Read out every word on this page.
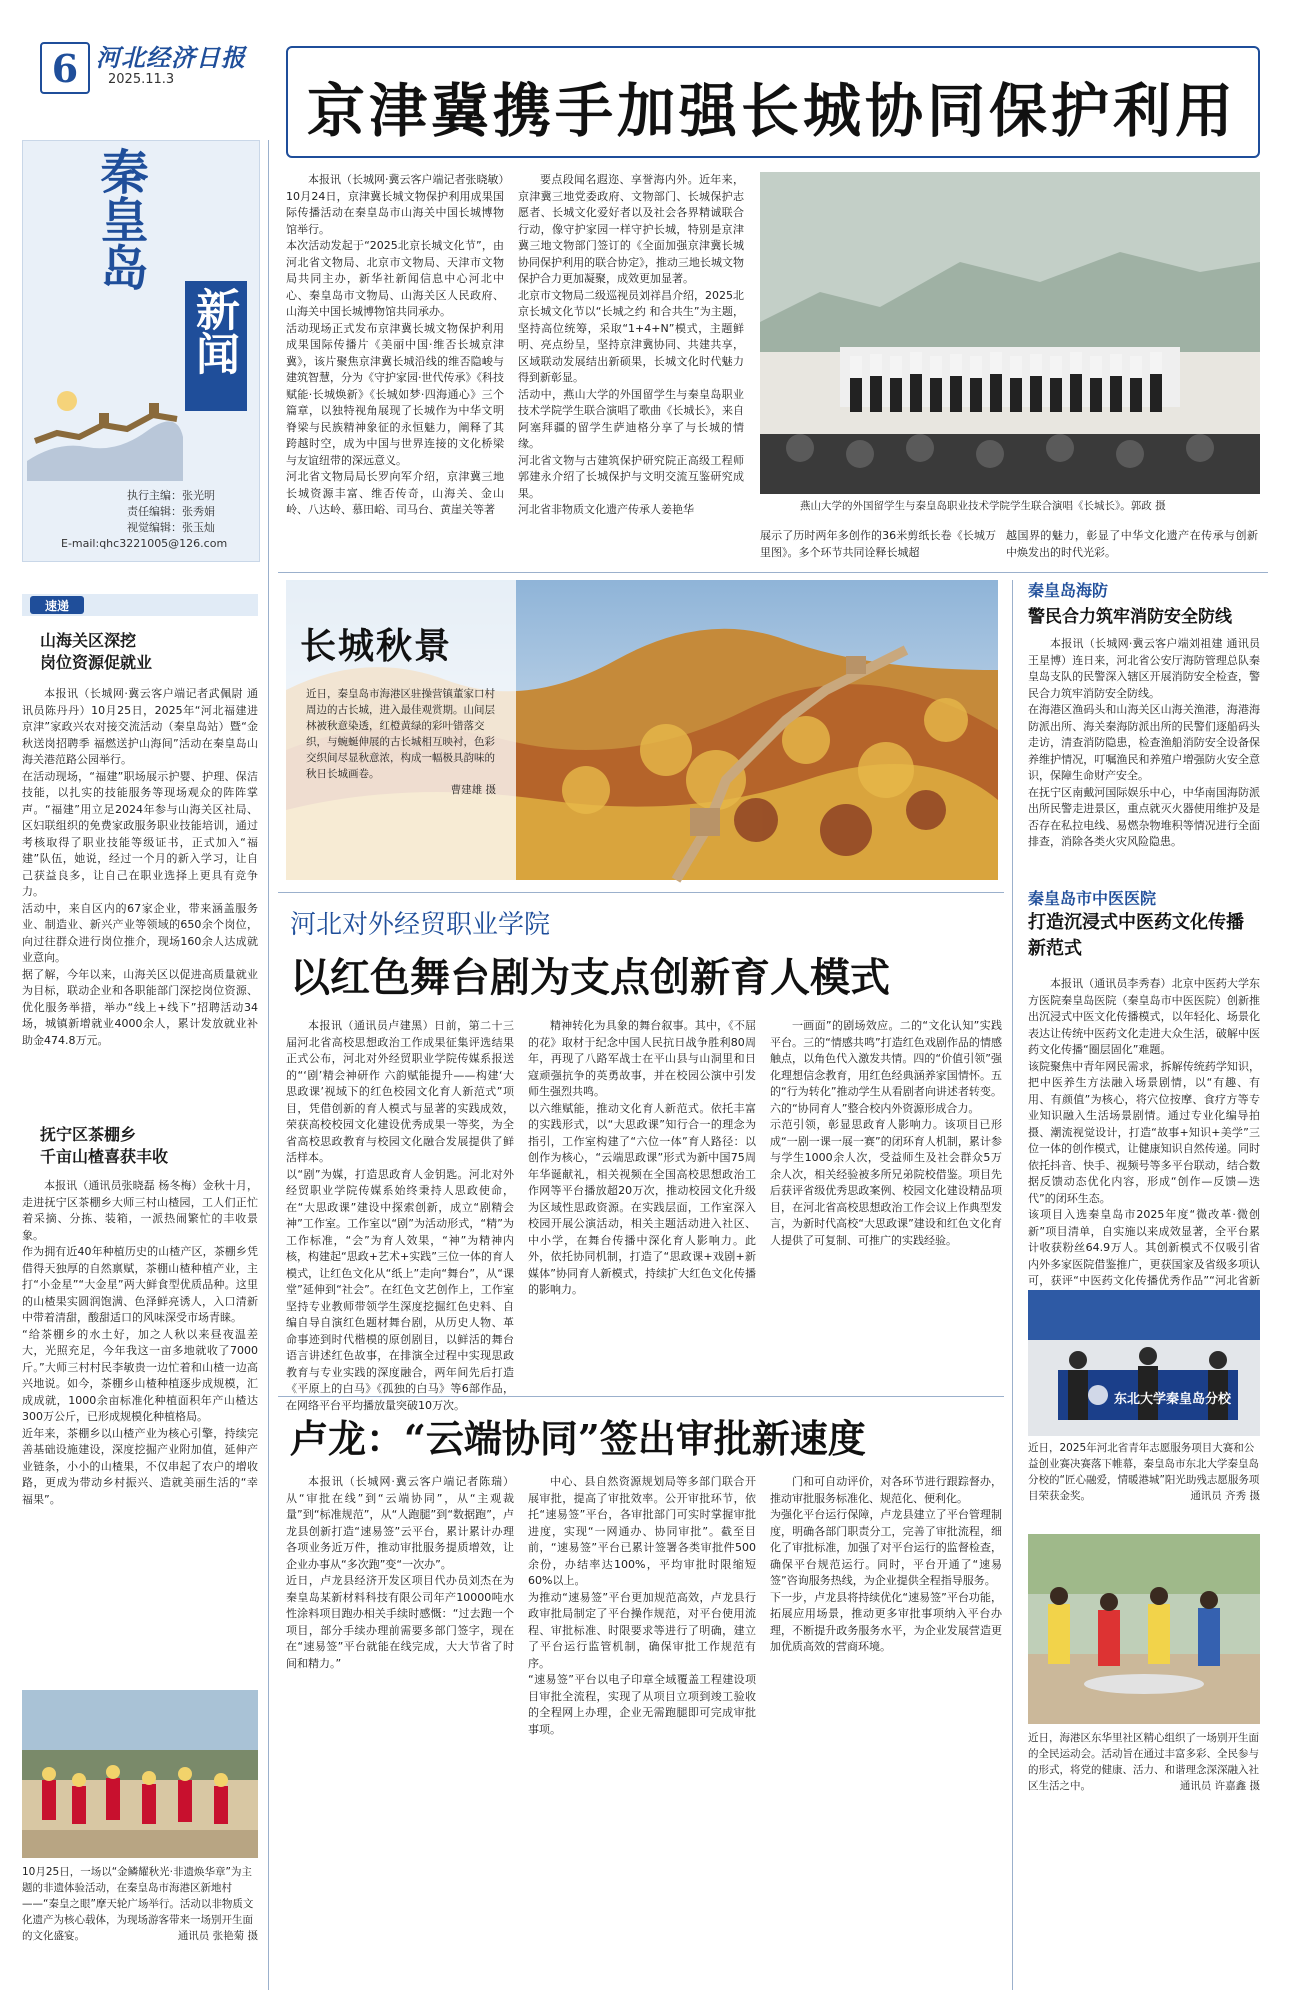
6 河北经济日报
2025.11.3 京津冀携手加强长城协同保护利用
秦皇岛
新闻
执行主编：张光明
责任编辑：张秀娟
视觉编辑：张玉灿
E-mail:qhc3221005@126.com
速递
山海关区深挖
岗位资源促就业
本报讯（长城网·冀云客户端记者武佩尉 通讯员陈丹丹）10月25日，2025年“河北福建进京津”家政兴农对接交流活动（秦皇岛站）暨“金秋送岗招聘季 福燃送护山海间”活动在秦皇岛山海关港范路公园举行。
在活动现场，“福建”职场展示护婴、护理、保洁技能，以扎实的技能服务等现场观众的阵阵掌声。“福建”用立足2024年参与山海关区社局、区妇联组织的免费家政服务职业技能培训，通过考核取得了职业技能等级证书，正式加入“福建”队伍，她说，经过一个月的新入学习，让自己获益良多，让自己在职业选择上更具有竞争力。
活动中，来自区内的67家企业，带来涵盖服务业、制造业、新兴产业等领域的650余个岗位，向过往群众进行岗位推介，现场160余人达成就业意向。
据了解，今年以来，山海关区以促进高质量就业为目标，联动企业和各职能部门深挖岗位资源、优化服务举措，举办“线上+线下”招聘活动34场，城镇新增就业4000余人，累计发放就业补助金474.8万元。
抚宁区茶棚乡
千亩山楂喜获丰收
本报讯（通讯员张晓磊 杨冬梅）金秋十月，走进抚宁区茶棚乡大师三村山楂园，工人们正忙着采摘、分拣、装箱，一派热闹繁忙的丰收景象。
作为拥有近40年种植历史的山楂产区，茶棚乡凭借得天独厚的自然禀赋，茶棚山楂种植产业，主打“小金星”“大金星”两大鲜食型优质品种。这里的山楂果实圆润饱满、色泽鲜亮诱人，入口清新中带着清甜，酸甜适口的风味深受市场青睐。
“给茶棚乡的水土好，加之人秋以来昼夜温差大，光照充足，今年我这一亩多地就收了7000斤。”大师三村村民李敏贵一边忙着和山楂一边高兴地说。如今，茶棚乡山楂种植逐步成规模，汇成成就，1000余亩标准化种植面积年产山楂达300万公斤，已形成规模化种植格局。
近年来，茶棚乡以山楂产业为核心引擎，持续完善基础设施建设，深度挖掘产业附加值，延伸产业链条，小小的山楂果，不仅串起了农户的增收路，更成为带动乡村振兴、造就美丽生活的“幸福果”。
10月25日，一场以“金鳞耀秋光·非遗焕华章”为主题的非遗体验活动，在秦皇岛市海港区新地村——“秦皇之眼”摩天轮广场举行。活动以非物质文化遗产为核心载体，为现场游客带来一场别开生面的文化盛宴。	通讯员 张艳菊 摄
本报讯（长城网·冀云客户端记者张晓敏）10月24日，京津冀长城文物保护利用成果国际传播活动在秦皇岛市山海关中国长城博物馆举行。
本次活动发起于“2025北京长城文化节”，由河北省文物局、北京市文物局、天津市文物局共同主办，新华社新闻信息中心河北中心、秦皇岛市文物局、山海关区人民政府、山海关中国长城博物馆共同承办。
活动现场正式发布京津冀长城文物保护利用成果国际传播片《美丽中国·维否长城京津冀》，该片聚焦京津冀长城沿线的维否隐峻与建筑智慧，分为《守护家园·世代传承》《科技赋能·长城焕新》《长城如梦·四海通心》三个篇章，以独特视角展现了长城作为中华文明脊梁与民族精神象征的永恒魅力，阐释了其跨越时空，成为中国与世界连接的文化桥梁与友谊纽带的深远意义。
河北省文物局局长罗向军介绍，京津冀三地长城资源丰富、维否传奇，山海关、金山岭、八达岭、慕田峪、司马台、黄崖关等著
要点段闻名遐迩、享誉海内外。近年来，京津冀三地党委政府、文物部门、长城保护志愿者、长城文化爱好者以及社会各界精诚联合行动，像守护家园一样守护长城，特别是京津冀三地文物部门签订的《全面加强京津冀长城协同保护利用的联合协定》，推动三地长城文物保护合力更加凝聚，成效更加显著。
北京市文物局二级巡视员刘祥昌介绍，2025北京长城文化节以“长城之约 和合共生”为主题，坚持高位统筹，采取“1+4+N”模式，主题鲜明、亮点纷呈，坚持京津冀协同、共建共享，区域联动发展结出新硕果，长城文化时代魅力得到新彰显。
活动中，燕山大学的外国留学生与秦皇岛职业技术学院学生联合演唱了歌曲《长城长》，来自阿塞拜疆的留学生萨迪格分享了与长城的情缘。
河北省文物与古建筑保护研究院正高级工程师郭建永介绍了长城保护与文明交流互鉴研究成果。
河北省非物质文化遗产传承人姜艳华	燕山大学的外国留学生与秦皇岛职业技术学院学生联合演唱《长城长》。郭政 摄
展示了历时两年多创作的36米剪纸长卷《长城万里图》。多个环节共同诠释长城超
越国界的魅力，彰显了中华文化遗产在传承与创新中焕发出的时代光彩。
长城秋景
近日，秦皇岛市海港区驻操营镇董家口村周边的古长城，进入最佳观赏期。山间层林被秋意染透，红橙黄绿的彩叶错落交织，与蜿蜒伸展的古长城相互映衬，色彩交织间尽显秋意浓，构成一幅极具韵味的秋日长城画卷。

曹建雄 摄
秦皇岛海防
警民合力筑牢消防安全防线
本报讯（长城网·冀云客户端刘祖建 通讯员王星博）连日来，河北省公安厅海防管理总队秦皇岛支队的民警深入辖区开展消防安全检查，警民合力筑牢消防安全防线。
在海港区渔码头和山海关区山海关渔港，海港海防派出所、海关秦海防派出所的民警们逐船码头走访，清查消防隐患，检查渔船消防安全设备保养维护情况，叮嘱渔民和养殖户增强防火安全意识，保障生命财产安全。
在抚宁区南戴河国际娱乐中心，中华南国海防派出所民警走进景区，重点就灭火器使用维护及是否存在私拉电线、易燃杂物堆积等情况进行全面排查，消除各类火灾风险隐患。
秦皇岛市中医医院
打造沉浸式中医药文化传播新范式
本报讯（通讯员李秀春）北京中医药大学东方医院秦皇岛医院（秦皇岛市中医医院）创新推出沉浸式中医文化传播模式，以年轻化、场景化表达让传统中医药文化走进大众生活，破解中医药文化传播“圈层固化”难题。
该院聚焦中青年网民需求，拆解传统药学知识，把中医养生方法融入场景剧情，以“有趣、有用、有颜值”为核心，将穴位按摩、食疗方等专业知识融入生活场景剧情。通过专业化编导拍摄、潮流视觉设计，打造“故事+知识+美学”三位一体的创作模式，让健康知识自然传递。同时依托抖音、快手、视频号等多平台联动，结合数据反馈动态优化内容，形成“创作—反馈—迭代”的闭环生态。
该项目入选秦皇岛市2025年度“微改革·微创新”项目清单，自实施以来成效显著，全平台累计收获粉丝64.9万人。其创新模式不仅吸引省内外多家医院借鉴推广，更获国家及省级多项认可，获评“中医药文化传播优秀作品”“河北省新

东北大学秦皇岛分校
近日，2025年河北省青年志愿服务项目大赛和公益创业赛决赛落下帷幕，秦皇岛市东北大学秦皇岛分校的“匠心融爱，情暖港城”阳光助残志愿服务项目荣获金奖。	通讯员 齐秀 摄
近日，海港区东华里社区精心组织了一场别开生面的全民运动会。活动旨在通过丰富多彩、全民参与的形式，将党的健康、活力、和谐理念深深融入社区生活之中。	通讯员 许嘉鑫 摄
河北对外经贸职业学院
以红色舞台剧为支点创新育人模式
本报讯（通讯员卢建黑）日前，第二十三届河北省高校思想政治工作成果征集评选结果正式公布，河北对外经贸职业学院传媒系报送的“‘剧’精会神研作 六韵赋能提升——构建‘大思政课’视域下的红色校园文化育人新范式”项目，凭借创新的育人模式与显著的实践成效，荣获高校校园文化建设优秀成果一等奖，为全省高校思政教育与校园文化融合发展提供了鲜活样本。
以“剧”为媒，打造思政育人金钥匙。河北对外经贸职业学院传媒系始终秉持人思政使命，在“大思政课”建设中探索创新，成立“剧精会神”工作室。工作室以“剧”为活动形式，“精”为工作标准，“会”为育人效果，“神”为精神内核，构建起“思政+艺术+实践”三位一体的育人模式，让红色文化从“纸上”走向“舞台”，从“课堂”延伸到“社会”。在红色文艺创作上，工作室坚持专业教师带领学生深度挖掘红色史料、自编自导自演红色题材舞台剧，从历史人物、革命事迹到时代楷模的原创剧目，以鲜活的舞台语言讲述红色故事，在排演全过程中实现思政教育与专业实践的深度融合，两年间先后打造《平原上的白马》《孤独的白马》等6部作品，在网络平台平均播放量突破10万次。
精神转化为具象的舞台叙事。其中，《不屈的花》取材于纪念中国人民抗日战争胜利80周年，再现了八路军战士在平山县与山洞里和日寇顽强抗争的英勇故事，并在校园公演中引发师生强烈共鸣。
以六维赋能，推动文化育人新范式。依托丰富的实践形式，以“大思政课”知行合一的理念为指引，工作室构建了“六位一体”育人路径：以创作为核心，“云端思政课”形式为新中国75周年华诞献礼，相关视频在全国高校思想政治工作网等平台播放超20万次，推动校园文化升级为区域性思政资源。在实践层面，工作室深入校园开展公演活动，相关主题活动进入社区、中小学，在舞台传播中深化育人影响力。此外，依托协同机制，打造了“思政课+戏剧+新媒体”协同育人新模式，持续扩大红色文化传播的影响力。
一画面”的剧场效应。二的“文化认知”实践平台。三的“情感共鸣”打造红色戏剧作品的情感触点，以角色代入激发共情。四的“价值引领”强化理想信念教育，用红色经典涵养家国情怀。五的“行为转化”推动学生从看剧者向讲述者转变。六的“协同育人”整合校内外资源形成合力。
示范引领，彰显思政育人影响力。该项目已形成“一剧一课一展一赛”的闭环育人机制，累计参与学生1000余人次，受益师生及社会群众5万余人次，相关经验被多所兄弟院校借鉴。项目先后获评省级优秀思政案例、校园文化建设精品项目，在河北省高校思想政治工作会议上作典型发言，为新时代高校“大思政课”建设和红色文化育人提供了可复制、可推广的实践经验。
卢龙：“云端协同”签出审批新速度
本报讯（长城网·冀云客户端记者陈瑞）从“审批在线”到“云端协同”，从“主观裁量”到“标准规范”，从“人跑腿”到“数据跑”，卢龙县创新打造“速易签”云平台，累计累计办理各项业务近万件，推动审批服务提质增效，让企业办事从“多次跑”变“一次办”。
近日，卢龙县经济开发区项目代办员刘杰在为秦皇岛某新材料科技有限公司年产10000吨水性涂料项目跑办相关手续时感慨：“过去跑一个项目，部分手续办理前需要多部门签字，现在在“速易签”平台就能在线完成，大大节省了时间和精力。”
中心、县自然资源规划局等多部门联合开展审批，提高了审批效率。公开审批环节，依托“速易签”平台，各审批部门可实时掌握审批进度，实现“一网通办、协同审批”。截至目前，“速易签”平台已累计签署各类审批件500余份，办结率达100%，平均审批时限缩短60%以上。
为推动“速易签”平台更加规范高效，卢龙县行政审批局制定了平台操作规范，对平台使用流程、审批标准、时限要求等进行了明确，建立了平台运行监管机制，确保审批工作规范有序。
“速易签”平台以电子印章全域覆盖工程建设项目审批全流程，实现了从项目立项到竣工验收的全程网上办理，企业无需跑腿即可完成审批事项。
门和可自动评价，对各环节进行跟踪督办，推动审批服务标准化、规范化、便利化。
为强化平台运行保障，卢龙县建立了平台管理制度，明确各部门职责分工，完善了审批流程，细化了审批标准，加强了对平台运行的监督检查，确保平台规范运行。同时，平台开通了“速易签”咨询服务热线，为企业提供全程指导服务。
下一步，卢龙县将持续优化“速易签”平台功能，拓展应用场景，推动更多审批事项纳入平台办理，不断提升政务服务水平，为企业发展营造更加优质高效的营商环境。
